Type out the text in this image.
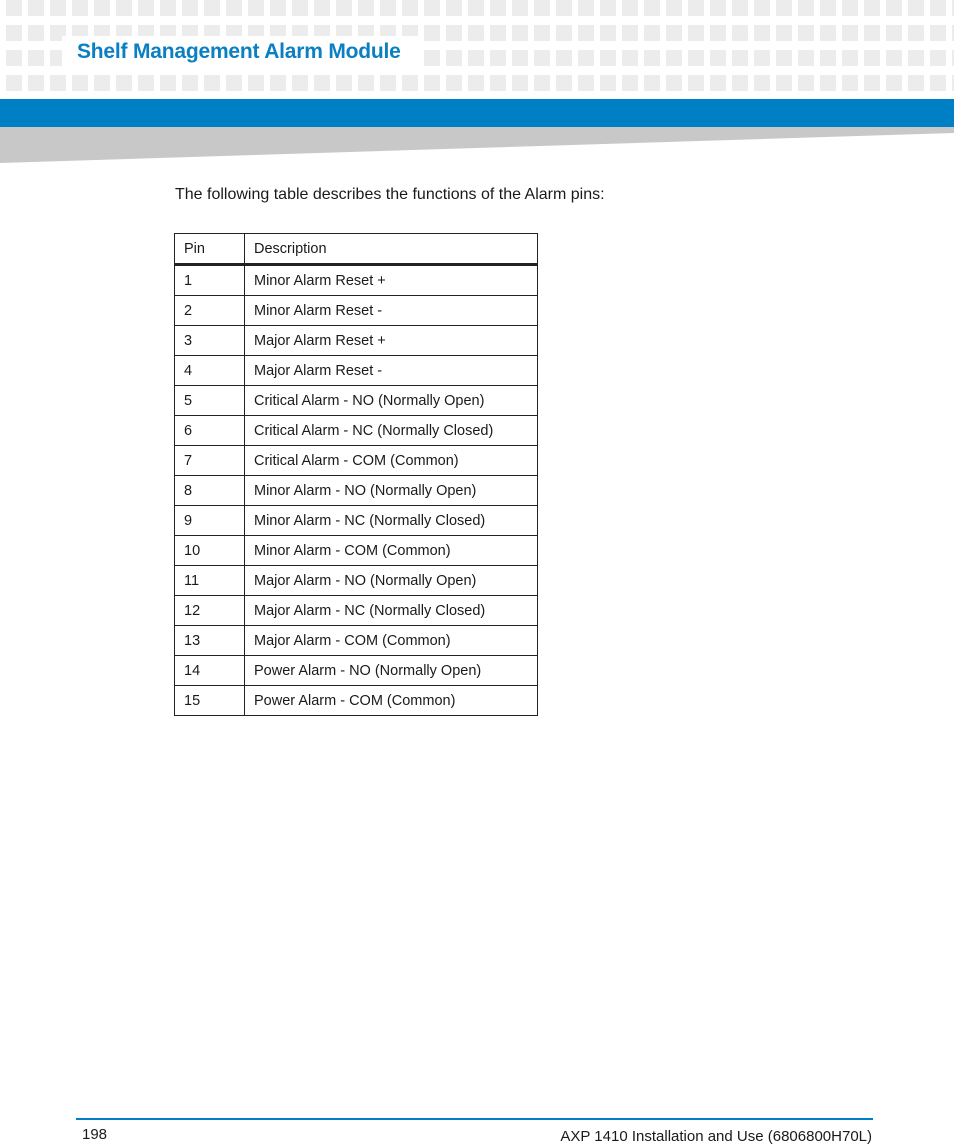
Shelf Management Alarm Module

The following table describes the functions of the Alarm pins:

Pin	Description
1	Minor Alarm Reset +
2	Minor Alarm Reset -
3	Major Alarm Reset +
4	Major Alarm Reset -
5	Critical Alarm - NO (Normally Open)
6	Critical Alarm - NC (Normally Closed)
7	Critical Alarm - COM (Common)
8	Minor Alarm - NO (Normally Open)
9	Minor Alarm - NC (Normally Closed)
10	Minor Alarm - COM (Common)
11	Major Alarm - NO (Normally Open)
12	Major Alarm - NC (Normally Closed)
13	Major Alarm - COM (Common)
14	Power Alarm - NO (Normally Open)
15	Power Alarm - COM (Common)
198	AXP 1410 Installation and Use (6806800H70L)
